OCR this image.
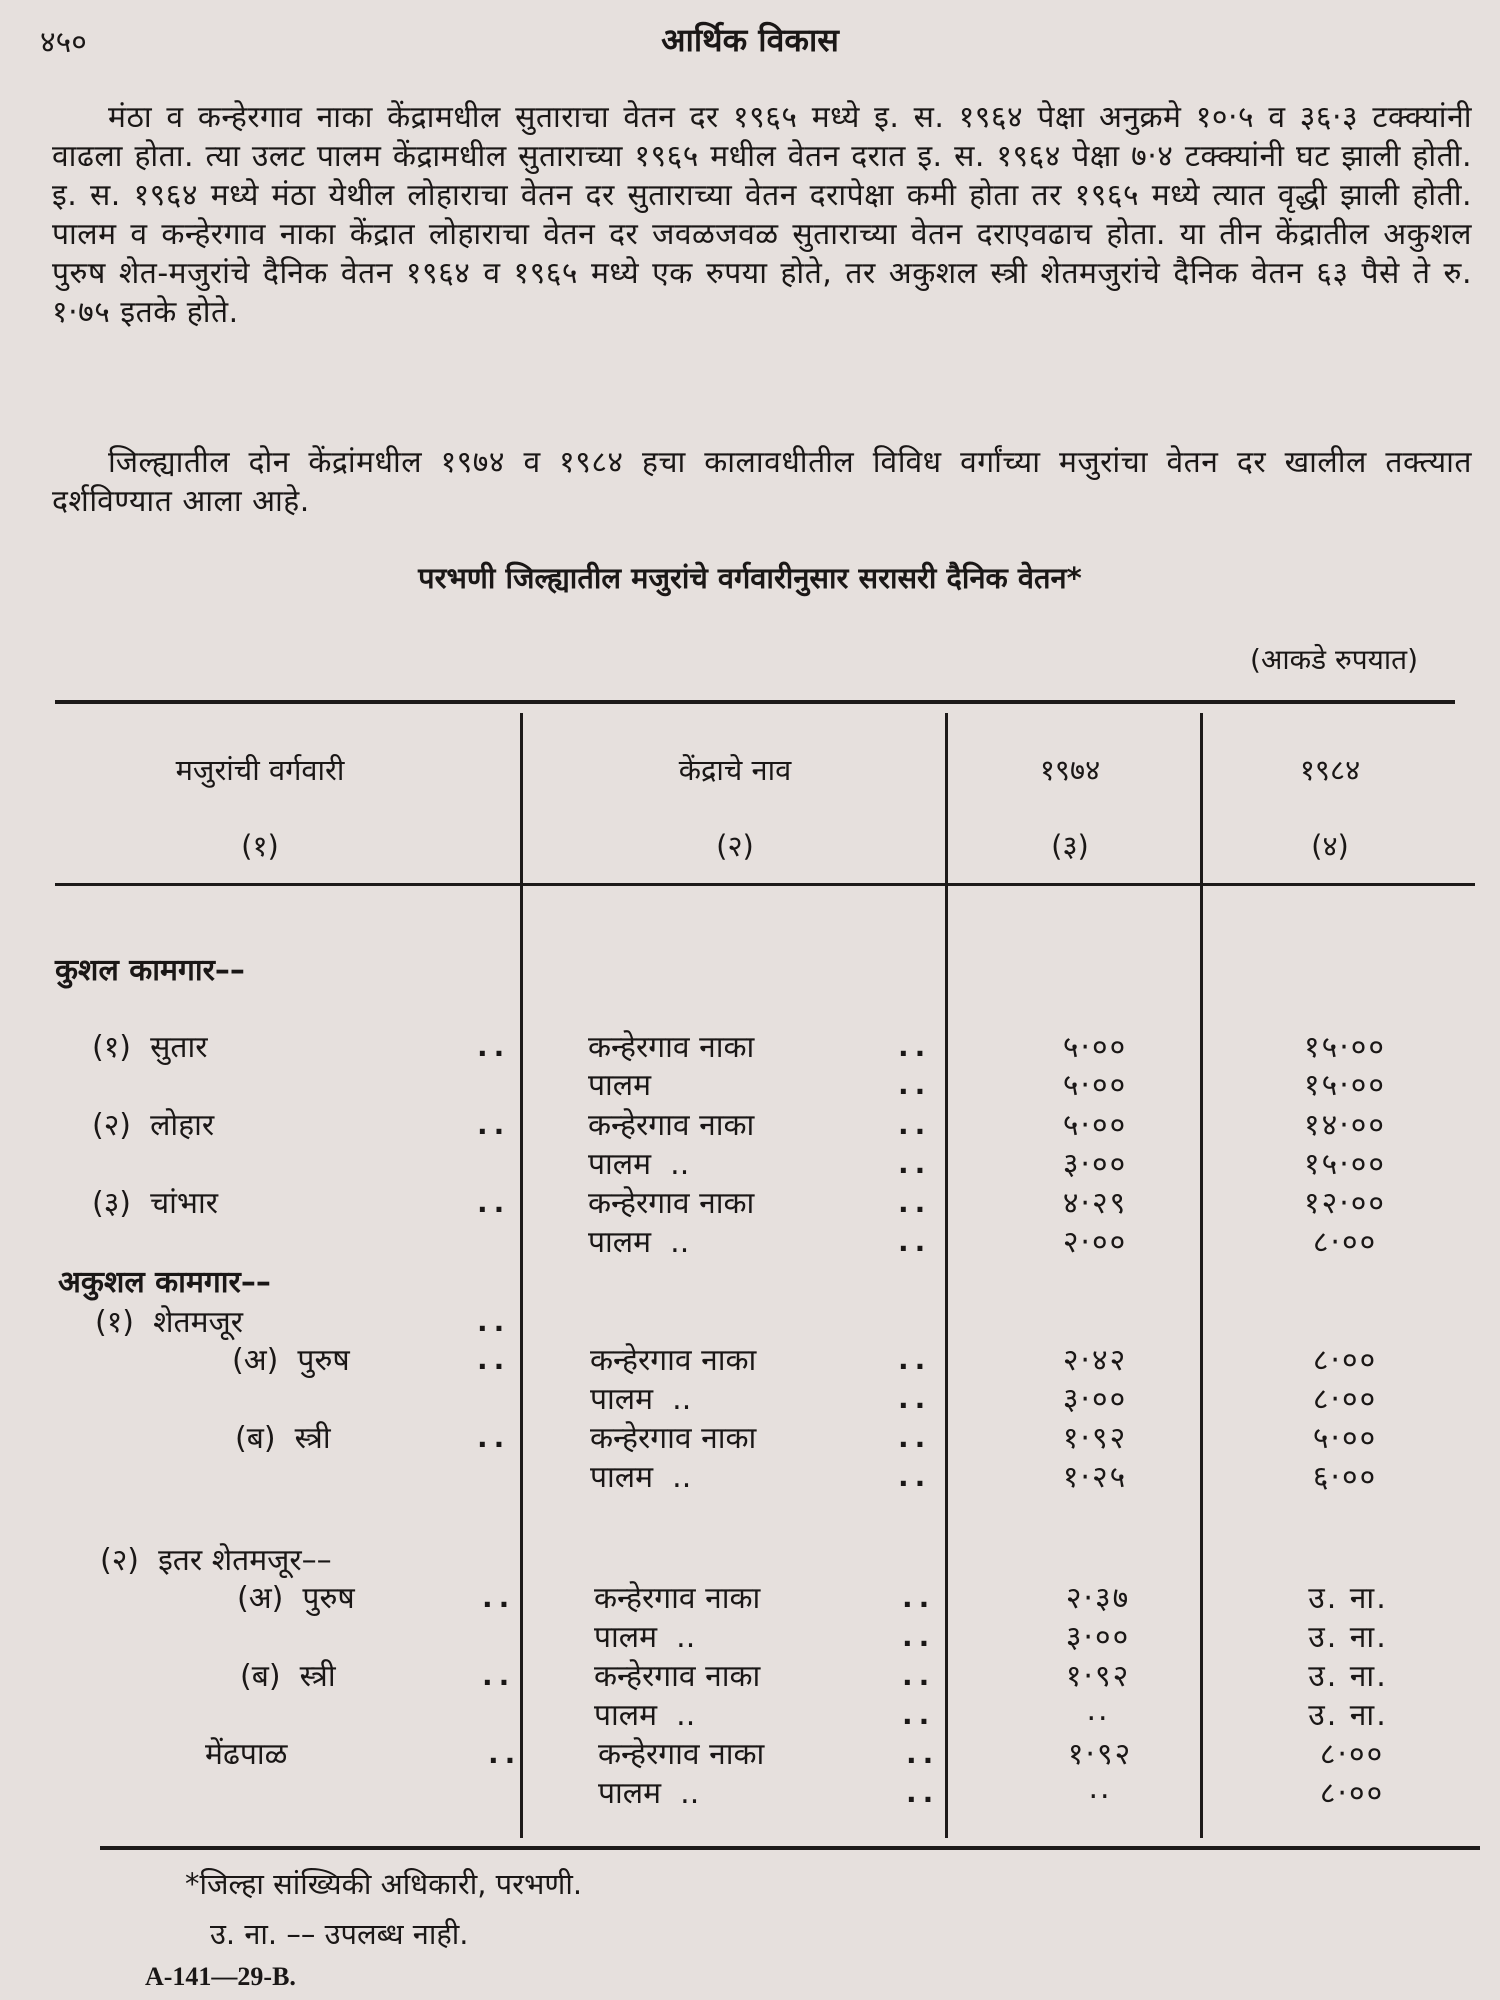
४५०	आर्थिक विकास

मंठा व कन्हेरगाव नाका केंद्रामधील सुताराचा वेतन दर १९६५ मध्ये इ. स. १९६४ पेक्षा अनुक्रमे १०·५ व ३६·३ टक्क्यांनी वाढला होता. त्या उलट पालम केंद्रामधील सुताराच्या १९६५ मधील वेतन दरात इ. स. १९६४ पेक्षा ७·४ टक्क्यांनी घट झाली होती. इ. स. १९६४ मध्ये मंठा येथील लोहाराचा वेतन दर सुताराच्या वेतन दरापेक्षा कमी होता तर १९६५ मध्ये त्यात वृद्धी झाली होती. पालम व कन्हेरगाव नाका केंद्रात लोहाराचा वेतन दर जवळजवळ सुताराच्या वेतन दराएवढाच होता. या तीन केंद्रातील अकुशल पुरुष शेत-मजुरांचे दैनिक वेतन १९६४ व १९६५ मध्ये एक रुपया होते, तर अकुशल स्त्री शेतमजुरांचे दैनिक वेतन ६३ पैसे ते रु. १·७५ इतके होते.

जिल्ह्यातील दोन केंद्रांमधील १९७४ व १९८४ हचा कालावधीतील विविध वर्गांच्या मजुरांचा वेतन दर खालील तक्त्यात दर्शविण्यात आला आहे.

परभणी जिल्ह्यातील मजुरांचे वर्गवारीनुसार सरासरी दैनिक वेतन*
(आकडे रुपयात)
मजुरांची वर्गवारी	केंद्राचे नाव	१९७४	१९८४
(१)	(२)	(३)	(४)
कुशल कामगार––
(१)  सुतार	..	कन्हेरगाव नाका	..	५·००	१५·००
पालम	..	५·००	१५·००
(२)  लोहार	..	कन्हेरगाव नाका	..	५·००	१४·००
पालम  ..	..	३·००	१५·००
(३)  चांभार	..	कन्हेरगाव नाका	..	४·२९	१२·००
पालम  ..	..	२·००	८·००
अकुशल कामगार––
(१)  शेतमजूर	..
(अ)  पुरुष	..	कन्हेरगाव नाका	..	२·४२	८·००
पालम  ..	..	३·००	८·००
(ब)  स्त्री	..	कन्हेरगाव नाका	..	१·९२	५·००
पालम  ..	..	१·२५	६·००
(२)  इतर शेतमजूर––
(अ)  पुरुष	..	कन्हेरगाव नाका	..	२·३७	उ. ना.
पालम  ..	..	३·००	उ. ना.
(ब)  स्त्री	..	कन्हेरगाव नाका	..	१·९२	उ. ना.
पालम  ..	..	..	उ. ना.
मेंढपाळ	..	कन्हेरगाव नाका	..	१·९२	८·००
पालम  ..	..	..	८·००
*जिल्हा सांख्यिकी अधिकारी, परभणी.
उ. ना. –– उपलब्ध नाही.
A-141—29-B.
